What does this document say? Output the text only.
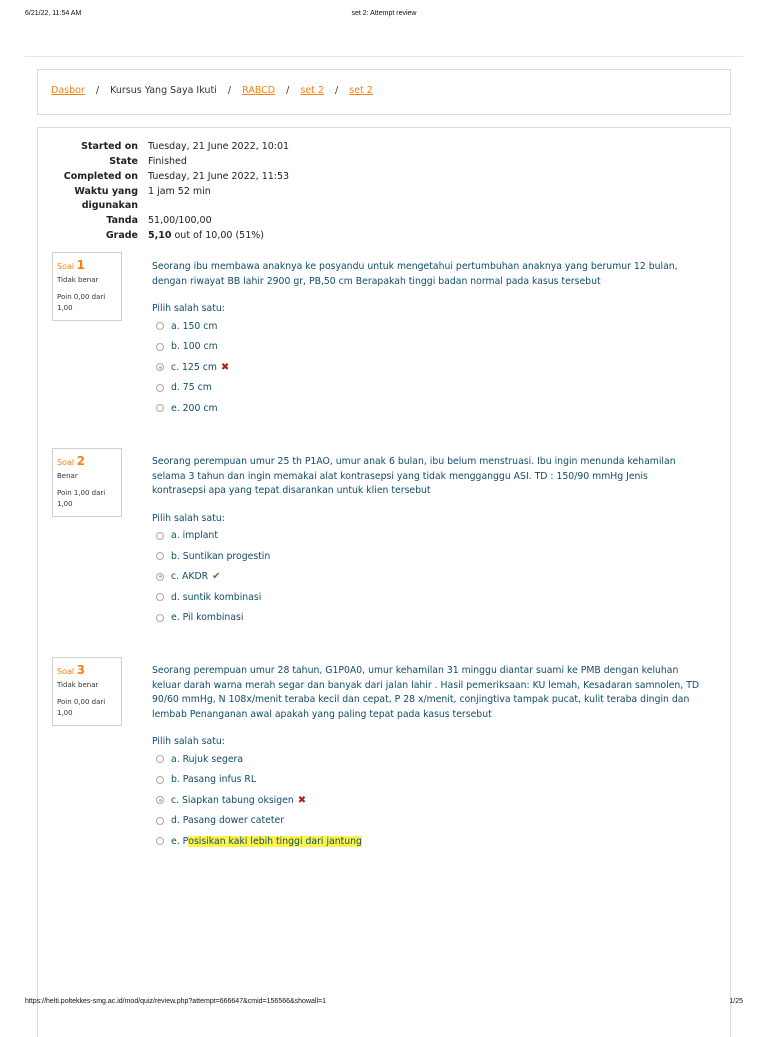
6/21/22, 11:54 AM	set 2: Attempt review
Dasbor / Kursus Yang Saya Ikuti / RABCD / set 2 / set 2
Started on	Tuesday, 21 June 2022, 10:01
State	Finished
Completed on	Tuesday, 21 June 2022, 11:53
Waktu yang digunakan
1 jam 52 min
Tanda	51,00/100,00
Grade	5,10 out of 10,00 (51%)
Soal 1
Tidak benar
Poin 0,00 dari 1,00
Seorang ibu membawa anaknya ke posyandu untuk mengetahui pertumbuhan anaknya yang berumur 12 bulan, dengan riwayat BB lahir 2900 gr, PB,50 cm Berapakah tinggi badan normal pada kasus tersebut
Pilih salah satu:
a. 150 cm
b. 100 cm
c. 125 cm ✖
d. 75 cm
e. 200 cm
Soal 2
Benar
Poin 1,00 dari 1,00
Seorang perempuan umur 25 th P1AO, umur anak 6 bulan, ibu belum menstruasi. Ibu ingin menunda kehamilan selama 3 tahun dan ingin memakai alat kontrasepsi yang tidak mengganggu ASI. TD : 150/90 mmHg Jenis kontrasepsi apa yang tepat disarankan untuk klien tersebut
Pilih salah satu:
a. implant
b. Suntikan progestin
c. AKDR ✔
d. suntik kombinasi
e. Pil kombinasi
Soal 3
Tidak benar
Poin 0,00 dari 1,00
Seorang perempuan umur 28 tahun, G1P0A0, umur kehamilan 31 minggu diantar suami ke PMB dengan keluhan keluar darah warna merah segar dan banyak dari jalan lahir . Hasil pemeriksaan: KU lemah, Kesadaran samnolen, TD 90/60 mmHg, N 108x/menit teraba kecil dan cepat, P 28 x/menit, conjingtiva tampak pucat, kulit teraba dingin dan lembab Penanganan awal apakah yang paling tepat pada kasus tersebut
Pilih salah satu:
a. Rujuk segera
b. Pasang infus RL
c. Siapkan tabung oksigen ✖
d. Pasang dower cateter
e. P osisikan kaki lebih tinggi dari jantung
https://helti.poltekkes-smg.ac.id/mod/quiz/review.php?attempt=666647&cmid=156566&showall=1	1/25
